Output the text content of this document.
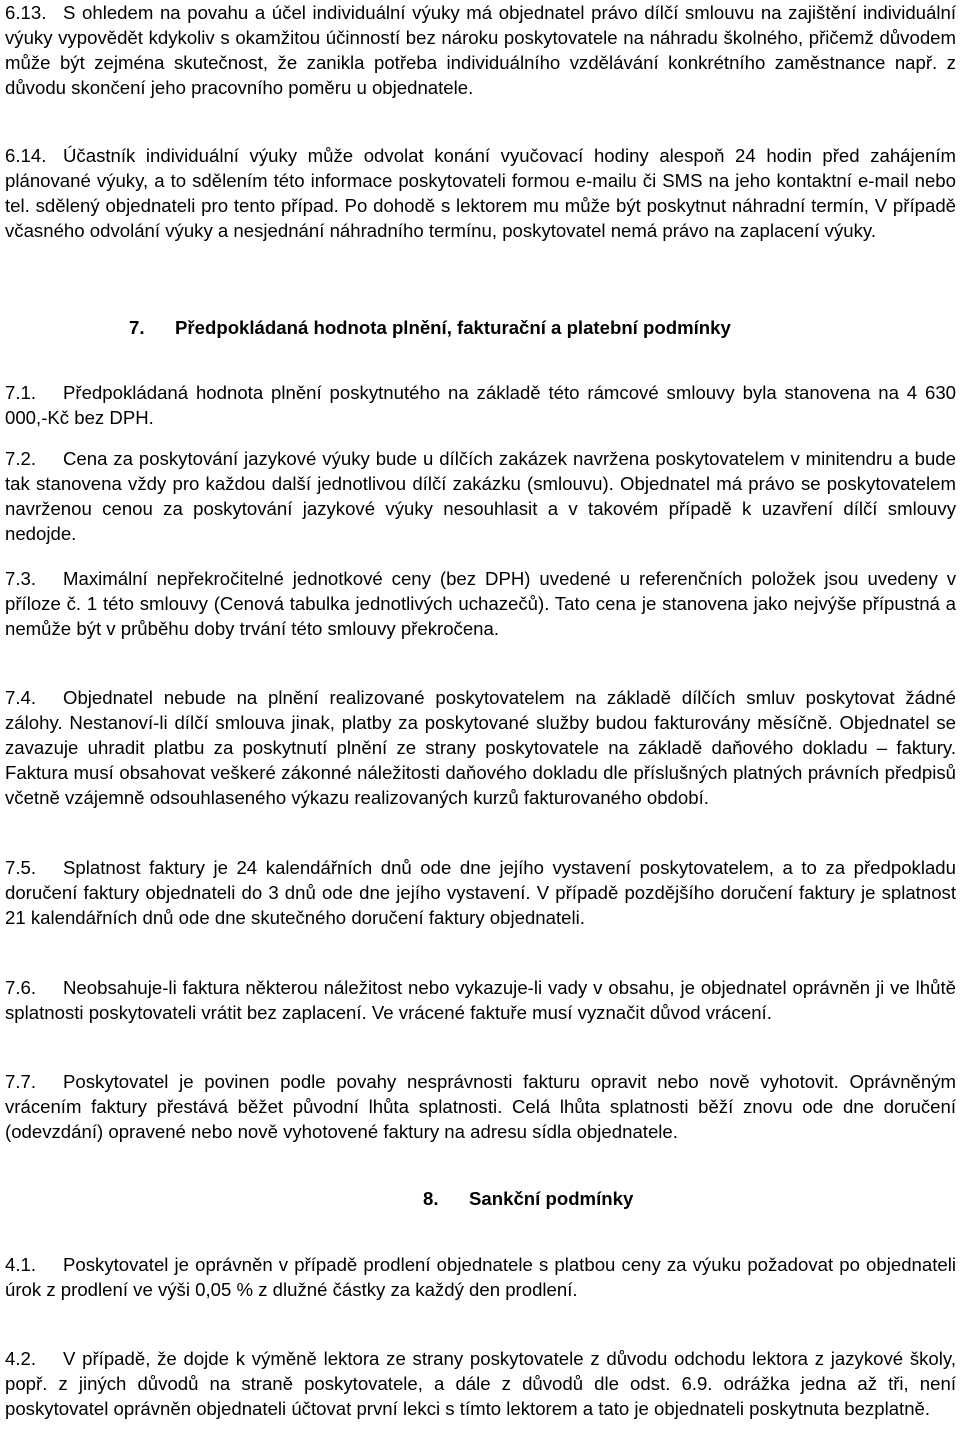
6.13. S ohledem na povahu a účel individuální výuky má objednatel právo dílčí smlouvu na zajištění individuální výuky vypovědět kdykoliv s okamžitou účinností bez nároku poskytovatele na náhradu školného, přičemž důvodem může být zejména skutečnost, že zanikla potřeba individuálního vzdělávání konkrétního zaměstnance např. z důvodu skončení jeho pracovního poměru u objednatele.

6.14. Účastník individuální výuky může odvolat konání vyučovací hodiny alespoň 24 hodin před zahájením plánované výuky, a to sdělením této informace poskytovateli formou e-mailu či SMS na jeho kontaktní e-mail nebo tel. sdělený objednateli pro tento případ. Po dohodě s lektorem mu může být poskytnut náhradní termín, V případě včasného odvolání výuky a nesjednání náhradního termínu, poskytovatel nemá právo na zaplacení výuky.

7. Předpokládaná hodnota plnění, fakturační a platební podmínky

7.1. Předpokládaná hodnota plnění poskytnutého na základě této rámcové smlouvy byla stanovena na 4 630 000,-Kč bez DPH.

7.2. Cena za poskytování jazykové výuky bude u dílčích zakázek navržena poskytovatelem v minitendru a bude tak stanovena vždy pro každou další jednotlivou dílčí zakázku (smlouvu). Objednatel má právo se poskytovatelem navrženou cenou za poskytování jazykové výuky nesouhlasit a v takovém případě k uzavření dílčí smlouvy nedojde.

7.3. Maximální nepřekročitelné jednotkové ceny (bez DPH) uvedené u referenčních položek jsou uvedeny v příloze č. 1 této smlouvy (Cenová tabulka jednotlivých uchazečů). Tato cena je stanovena jako nejvýše přípustná a nemůže být v průběhu doby trvání této smlouvy překročena.

7.4. Objednatel nebude na plnění realizované poskytovatelem na základě dílčích smluv poskytovat žádné zálohy. Nestanoví-li dílčí smlouva jinak, platby za poskytované služby budou fakturovány měsíčně. Objednatel se zavazuje uhradit platbu za poskytnutí plnění ze strany poskytovatele na základě daňového dokladu – faktury. Faktura musí obsahovat veškeré zákonné náležitosti daňového dokladu dle příslušných platných právních předpisů včetně vzájemně odsouhlaseného výkazu realizovaných kurzů fakturovaného období.

7.5. Splatnost faktury je 24 kalendářních dnů ode dne jejího vystavení poskytovatelem, a to za předpokladu doručení faktury objednateli do 3 dnů ode dne jejího vystavení. V případě pozdějšího doručení faktury je splatnost 21 kalendářních dnů ode dne skutečného doručení faktury objednateli.

7.6. Neobsahuje-li faktura některou náležitost nebo vykazuje-li vady v obsahu, je objednatel oprávněn ji ve lhůtě splatnosti poskytovateli vrátit bez zaplacení. Ve vrácené faktuře musí vyznačit důvod vrácení.

7.7. Poskytovatel je povinen podle povahy nesprávnosti fakturu opravit nebo nově vyhotovit. Oprávněným vrácením faktury přestává běžet původní lhůta splatnosti. Celá lhůta splatnosti běží znovu ode dne doručení (odevzdání) opravené nebo nově vyhotovené faktury na adresu sídla objednatele.

8. Sankční podmínky

4.1. Poskytovatel je oprávněn v případě prodlení objednatele s platbou ceny za výuku požadovat po objednateli úrok z prodlení ve výši 0,05 % z dlužné částky za každý den prodlení.

4.2. V případě, že dojde k výměně lektora ze strany poskytovatele z důvodu odchodu lektora z jazykové školy, popř. z jiných důvodů na straně poskytovatele, a dále z důvodů dle odst. 6.9. odrážka jedna až tři, není poskytovatel oprávněn objednateli účtovat první lekci s tímto lektorem a tato je objednateli poskytnuta bezplatně.
